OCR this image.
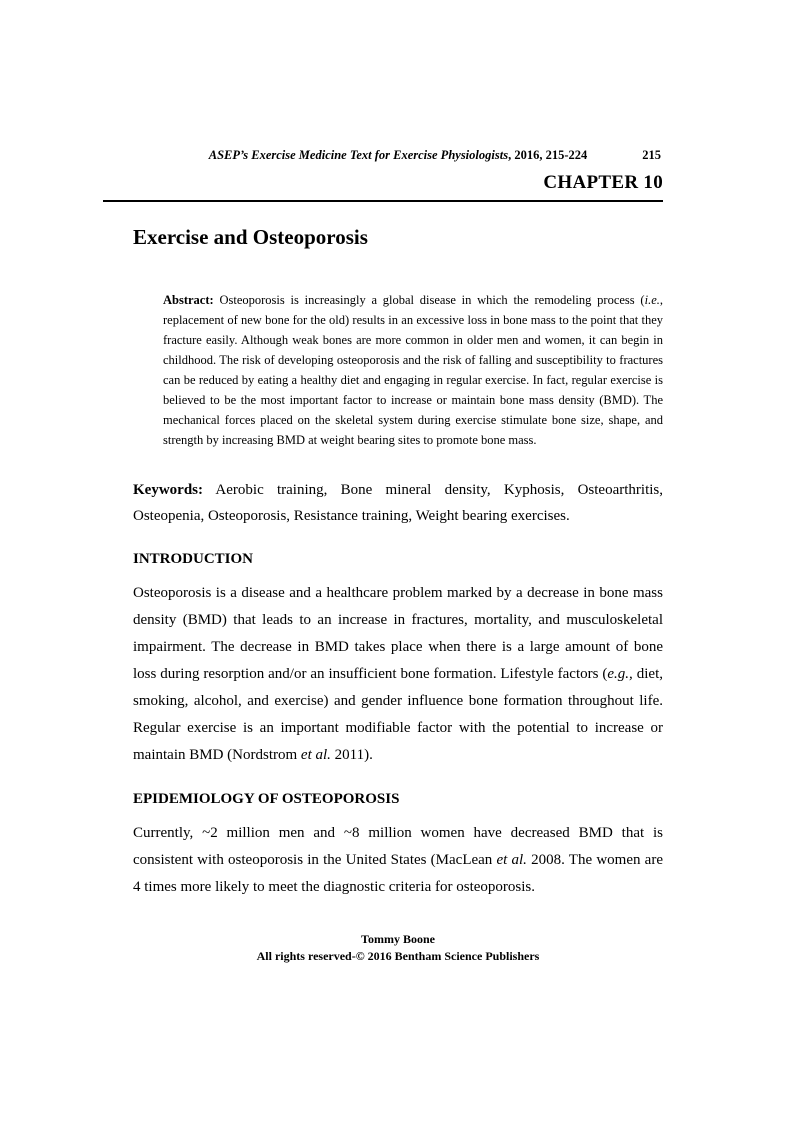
ASEP’s Exercise Medicine Text for Exercise Physiologists, 2016, 215-224	215

CHAPTER 10

Exercise and Osteoporosis

Abstract: Osteoporosis is increasingly a global disease in which the remodeling process (i.e., replacement of new bone for the old) results in an excessive loss in bone mass to the point that they fracture easily. Although weak bones are more common in older men and women, it can begin in childhood. The risk of developing osteoporosis and the risk of falling and susceptibility to fractures can be reduced by eating a healthy diet and engaging in regular exercise. In fact, regular exercise is believed to be the most important factor to increase or maintain bone mass density (BMD). The mechanical forces placed on the skeletal system during exercise stimulate bone size, shape, and strength by increasing BMD at weight bearing sites to promote bone mass.

Keywords: Aerobic training, Bone mineral density, Kyphosis, Osteoarthritis, Osteopenia, Osteoporosis, Resistance training, Weight bearing exercises.

INTRODUCTION

Osteoporosis is a disease and a healthcare problem marked by a decrease in bone mass density (BMD) that leads to an increase in fractures, mortality, and musculoskeletal impairment. The decrease in BMD takes place when there is a large amount of bone loss during resorption and/or an insufficient bone formation. Lifestyle factors (e.g., diet, smoking, alcohol, and exercise) and gender influence bone formation throughout life. Regular exercise is an important modifiable factor with the potential to increase or maintain BMD (Nordstrom et al. 2011).

EPIDEMIOLOGY OF OSTEOPOROSIS

Currently, ~2 million men and ~8 million women have decreased BMD that is consistent with osteoporosis in the United States (MacLean et al. 2008. The women are 4 times more likely to meet the diagnostic criteria for osteoporosis.

Tommy Boone
All rights reserved-© 2016 Bentham Science Publishers
